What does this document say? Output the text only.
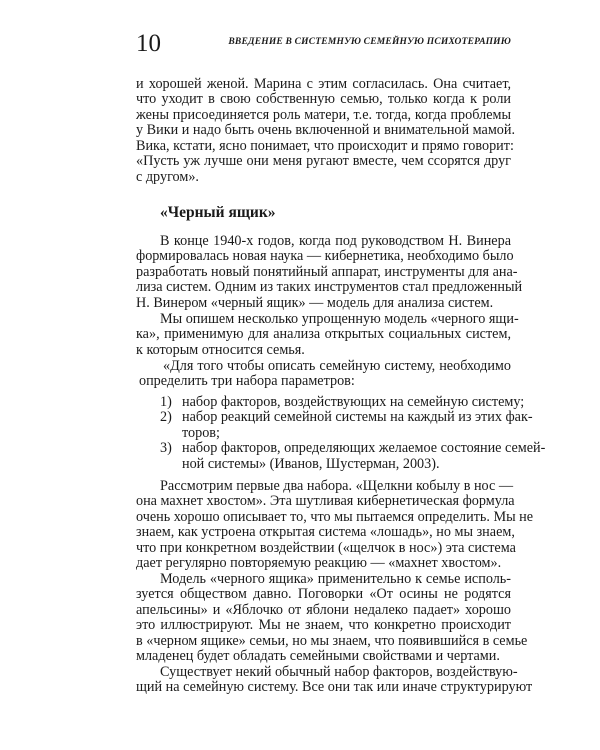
10	ВВЕДЕНИЕ В СИСТЕМНУЮ СЕМЕЙНУЮ ПСИХОТЕРАПИЮ
и хорошей женой. Марина с этим согласилась. Она считает,
что уходит в свою собственную семью, только когда к роли
жены присоединяется роль матери, т.е. тогда, когда проблемы
у Вики и надо быть очень включенной и внимательной мамой.
Вика, кстати, ясно понимает, что происходит и прямо говорит:
«Пусть уж лучше они меня ругают вместе, чем ссорятся друг
с другом».
«Черный ящик»
В конце 1940-х годов, когда под руководством Н. Винера
формировалась новая наука — кибернетика, необходимо было
разработать новый понятийный аппарат, инструменты для ана-
лиза систем. Одним из таких инструментов стал предложенный
Н. Винером «черный ящик» — модель для анализа систем.
Мы опишем несколько упрощенную модель «черного ящи-
ка», применимую для анализа открытых социальных систем,
к которым относится семья.
«Для того чтобы описать семейную систему, необходимо
определить три набора параметров:
1) набор факторов, воздействующих на семейную систему;
2) набор реакций семейной системы на каждый из этих фак-
торов;
3) набор факторов, определяющих желаемое состояние семей-
ной системы» (Иванов, Шустерман, 2003).
Рассмотрим первые два набора. «Щелкни кобылу в нос —
она махнет хвостом». Эта шутливая кибернетическая формула
очень хорошо описывает то, что мы пытаемся определить. Мы не
знаем, как устроена открытая система «лошадь», но мы знаем,
что при конкретном воздействии («щелчок в нос») эта система
дает регулярно повторяемую реакцию — «махнет хвостом».
Модель «черного ящика» применительно к семье исполь-
зуется обществом давно. Поговорки «От осины не родятся
апельсины» и «Яблочко от яблони недалеко падает» хорошо
это иллюстрируют. Мы не знаем, что конкретно происходит
в «черном ящике» семьи, но мы знаем, что появившийся в семье
младенец будет обладать семейными свойствами и чертами.
Существует некий обычный набор факторов, воздействую-
щий на семейную систему. Все они так или иначе структурируют
